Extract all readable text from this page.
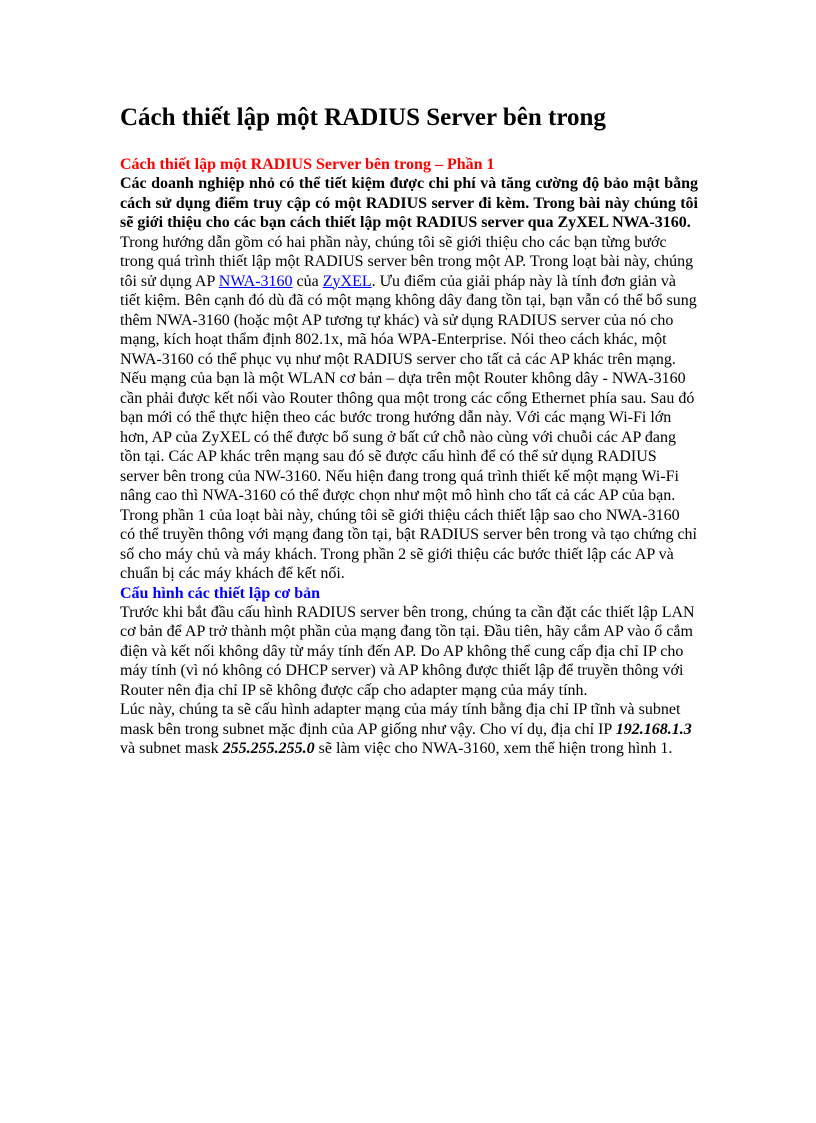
Cách thiết lập một RADIUS Server bên trong

Cách thiết lập một RADIUS Server bên trong – Phần 1

Các doanh nghiệp nhỏ có thể tiết kiệm được chi phí và tăng cường độ bảo mật bằng cách sử dụng điểm truy cập có một RADIUS server đi kèm. Trong bài này chúng tôi sẽ giới thiệu cho các bạn cách thiết lập một RADIUS server qua ZyXEL NWA-3160.

Trong hướng dẫn gồm có hai phần này, chúng tôi sẽ giới thiệu cho các bạn từng bước trong quá trình thiết lập một RADIUS server bên trong một AP. Trong loạt bài này, chúng tôi sử dụng AP NWA-3160 của ZyXEL. Ưu điểm của giải pháp này là tính đơn giản và tiết kiệm. Bên cạnh đó dù đã có một mạng không dây đang tồn tại, bạn vẫn có thể bổ sung thêm NWA-3160 (hoặc một AP tương tự khác) và sử dụng RADIUS server của nó cho mạng, kích hoạt thẩm định 802.1x, mã hóa WPA-Enterprise. Nói theo cách khác, một NWA-3160 có thể phục vụ như một RADIUS server cho tất cả các AP khác trên mạng.

Nếu mạng của bạn là một WLAN cơ bản – dựa trên một Router không dây - NWA-3160 cần phải được kết nối vào Router thông qua một trong các cổng Ethernet phía sau. Sau đó bạn mới có thể thực hiện theo các bước trong hướng dẫn này. Với các mạng Wi-Fi lớn hơn, AP của ZyXEL có thể được bổ sung ở bất cứ chỗ nào cùng với chuỗi các AP đang tồn tại. Các AP khác trên mạng sau đó sẽ được cấu hình để có thể sử dụng RADIUS server bên trong của NW-3160. Nếu hiện đang trong quá trình thiết kế một mạng Wi-Fi nâng cao thì NWA-3160 có thể được chọn như một mô hình cho tất cả các AP của bạn.

Trong phần 1 của loạt bài này, chúng tôi sẽ giới thiệu cách thiết lập sao cho NWA-3160 có thể truyền thông với mạng đang tồn tại, bật RADIUS server bên trong và tạo chứng chỉ số cho máy chủ và máy khách. Trong phần 2 sẽ giới thiệu các bước thiết lập các AP và chuẩn bị các máy khách để kết nối.

Cấu hình các thiết lập cơ bản

Trước khi bắt đầu cấu hình RADIUS server bên trong, chúng ta cần đặt các thiết lập LAN cơ bản để AP trở thành một phần của mạng đang tồn tại. Đầu tiên, hãy cắm AP vào ổ cắm điện và kết nối không dây từ máy tính đến AP. Do AP không thể cung cấp địa chỉ IP cho máy tính (vì nó không có DHCP server) và AP không được thiết lập để truyền thông với Router nên địa chỉ IP sẽ không được cấp cho adapter mạng của máy tính.

Lúc này, chúng ta sẽ cấu hình adapter mạng của máy tính bằng địa chỉ IP tĩnh và subnet mask bên trong subnet mặc định của AP giống như vậy. Cho ví dụ, địa chỉ IP 192.168.1.3 và subnet mask 255.255.255.0 sẽ làm việc cho NWA-3160, xem thể hiện trong hình 1.
